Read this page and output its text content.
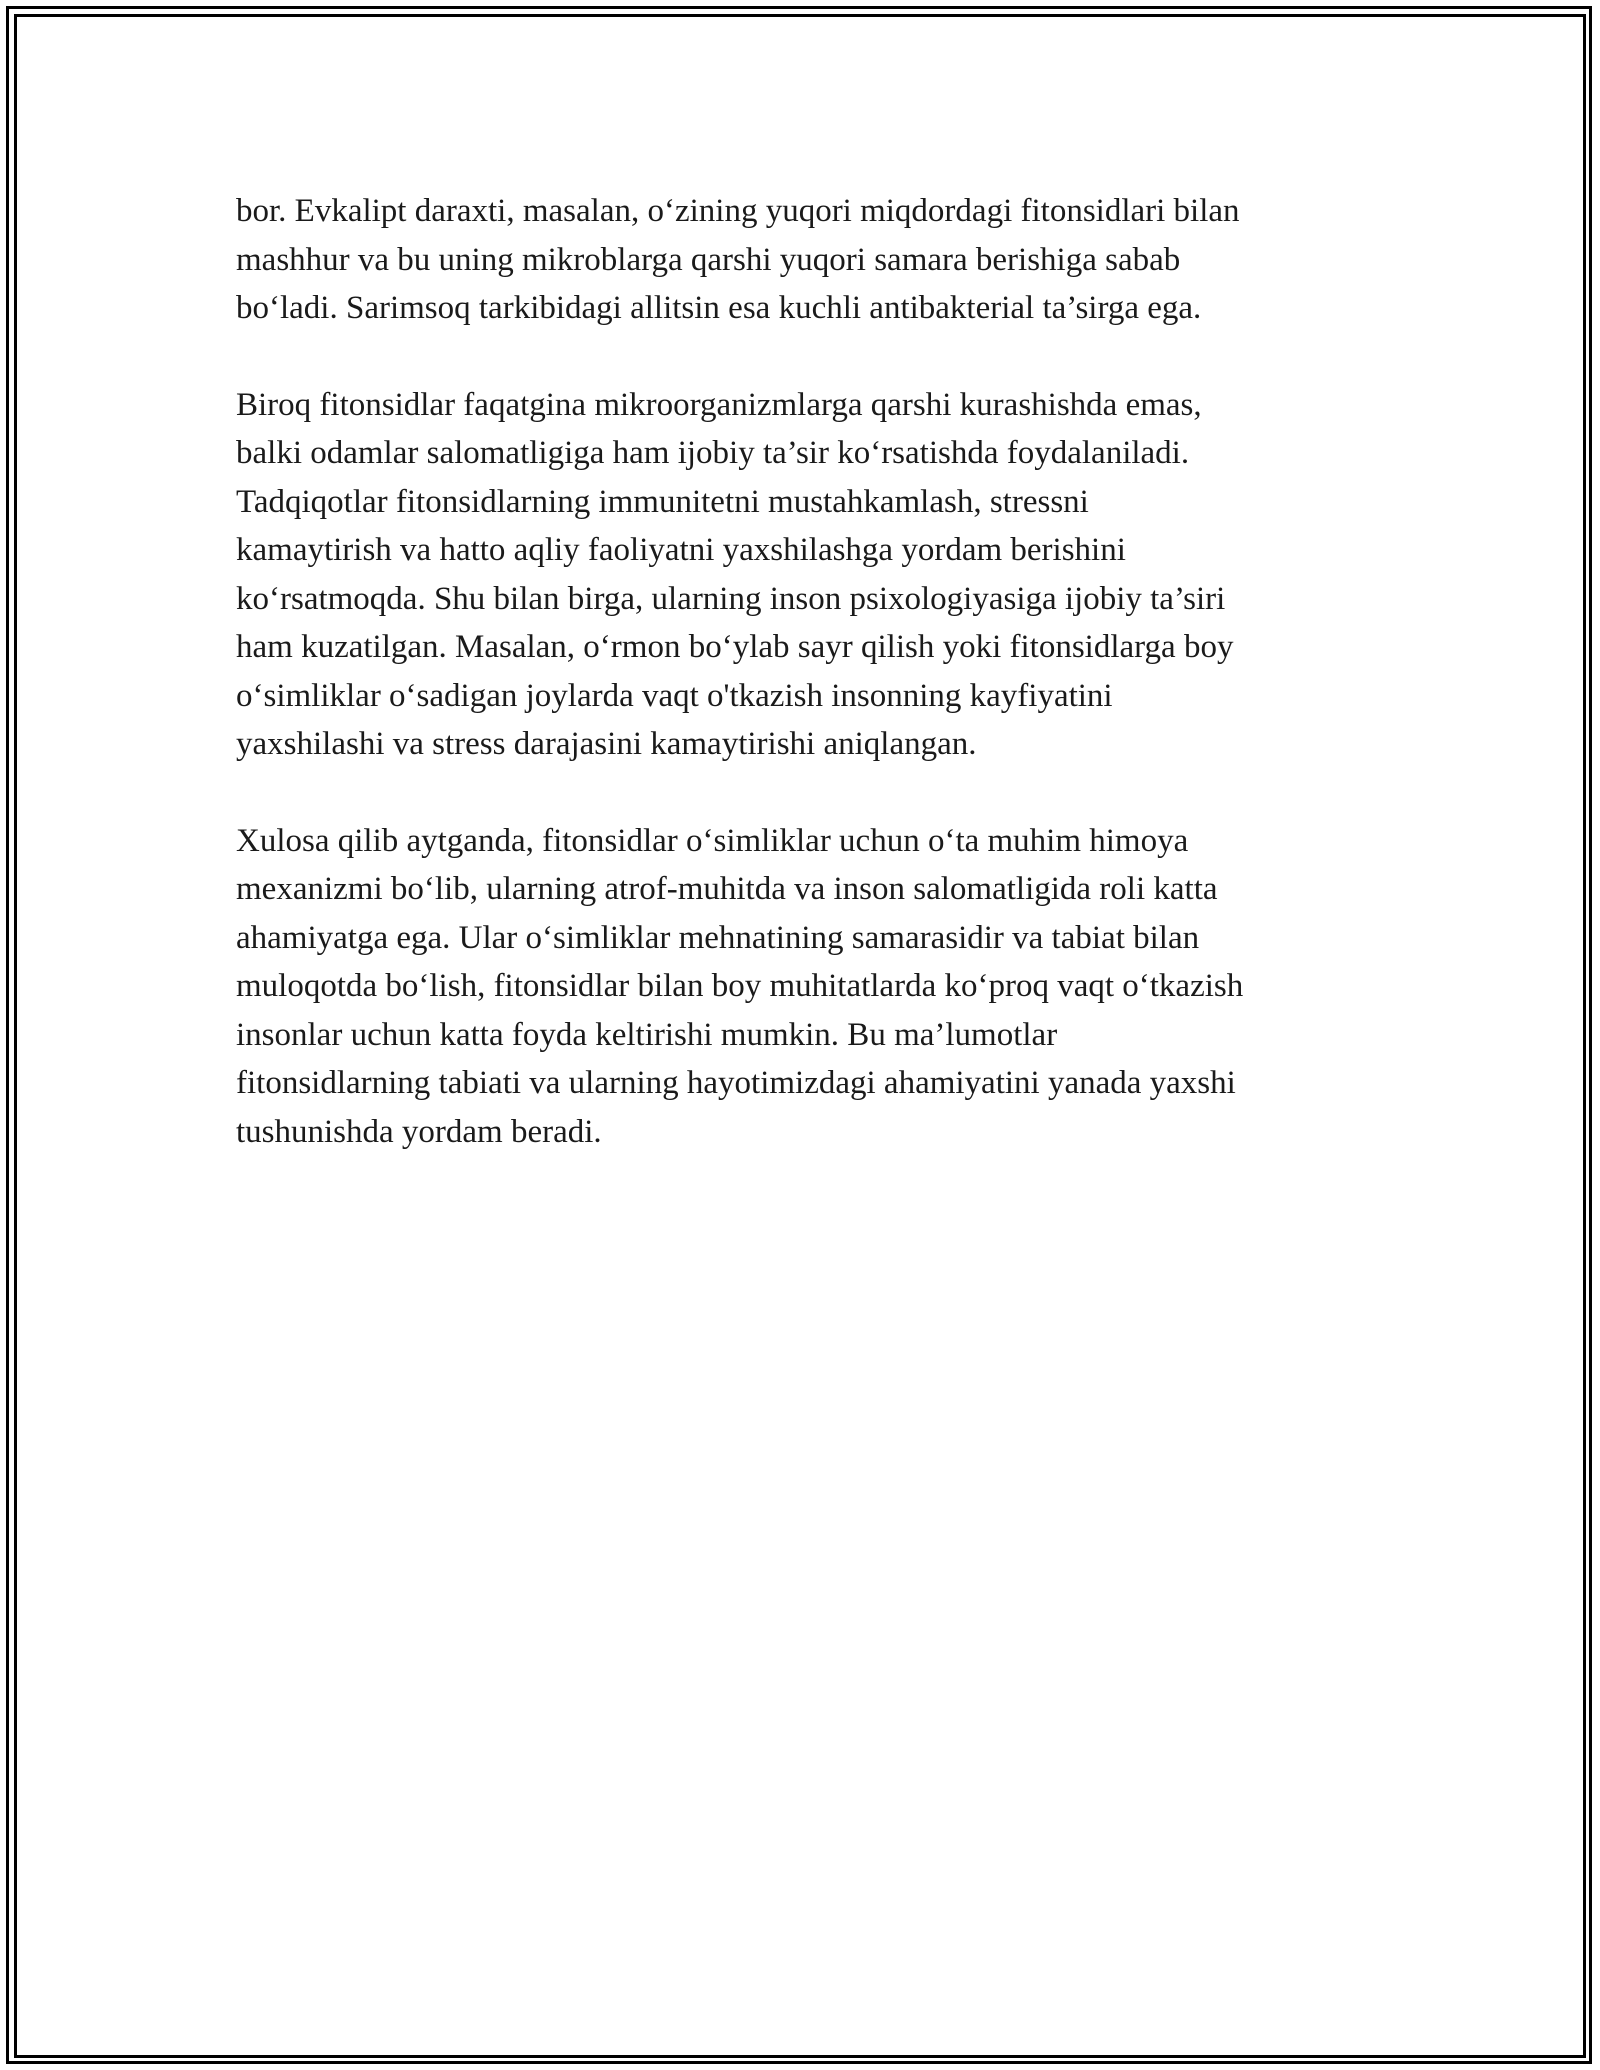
bor. Evkalipt daraxti, masalan, o‘zining yuqori miqdordagi fitonsidlari bilan
mashhur va bu uning mikroblarga qarshi yuqori samara berishiga sabab
bo‘ladi. Sarimsoq tarkibidagi allitsin esa kuchli antibakterial ta’sirga ega.

Biroq fitonsidlar faqatgina mikroorganizmlarga qarshi kurashishda emas,
balki odamlar salomatligiga ham ijobiy ta’sir ko‘rsatishda foydalaniladi.
Tadqiqotlar fitonsidlarning immunitetni mustahkamlash, stressni
kamaytirish va hatto aqliy faoliyatni yaxshilashga yordam berishini
ko‘rsatmoqda. Shu bilan birga, ularning inson psixologiyasiga ijobiy ta’siri
ham kuzatilgan. Masalan, o‘rmon bo‘ylab sayr qilish yoki fitonsidlarga boy
o‘simliklar o‘sadigan joylarda vaqt o'tkazish insonning kayfiyatini
yaxshilashi va stress darajasini kamaytirishi aniqlangan.

Xulosa qilib aytganda, fitonsidlar o‘simliklar uchun o‘ta muhim himoya
mexanizmi bo‘lib, ularning atrof-muhitda va inson salomatligida roli katta
ahamiyatga ega. Ular o‘simliklar mehnatining samarasidir va tabiat bilan
muloqotda bo‘lish, fitonsidlar bilan boy muhitatlarda ko‘proq vaqt o‘tkazish
insonlar uchun katta foyda keltirishi mumkin. Bu ma’lumotlar
fitonsidlarning tabiati va ularning hayotimizdagi ahamiyatini yanada yaxshi
tushunishda yordam beradi.
